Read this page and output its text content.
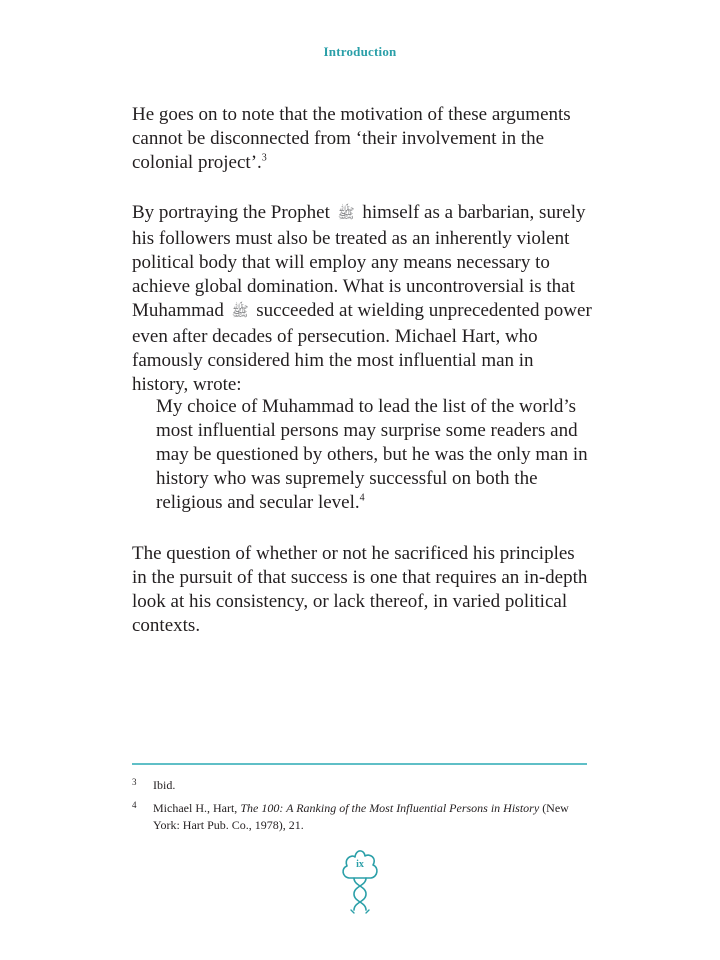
Introduction

He goes on to note that the motivation of these arguments cannot be disconnected from ‘their involvement in the colonial project’.$^3$

By portraying the Prophet ﷺ himself as a barbarian, surely his followers must also be treated as an inherently violent political body that will employ any means necessary to achieve global domination. What is uncontroversial is that Muhammad ﷺ succeeded at wielding unprecedented power even after decades of persecution. Michael Hart, who famously considered him the most influential man in history, wrote:

My choice of Muhammad to lead the list of the world’s most influential persons may surprise some readers and may be questioned by others, but he was the only man in history who was supremely successful on both the religious and secular level.$^4$

The question of whether or not he sacrificed his principles in the pursuit of that success is one that requires an in-depth look at his consistency, or lack thereof, in varied political contexts.

3 Ibid.
4 Michael H., Hart, The 100: A Ranking of the Most Influential Persons in History (New York: Hart Pub. Co., 1978), 21.
ix
